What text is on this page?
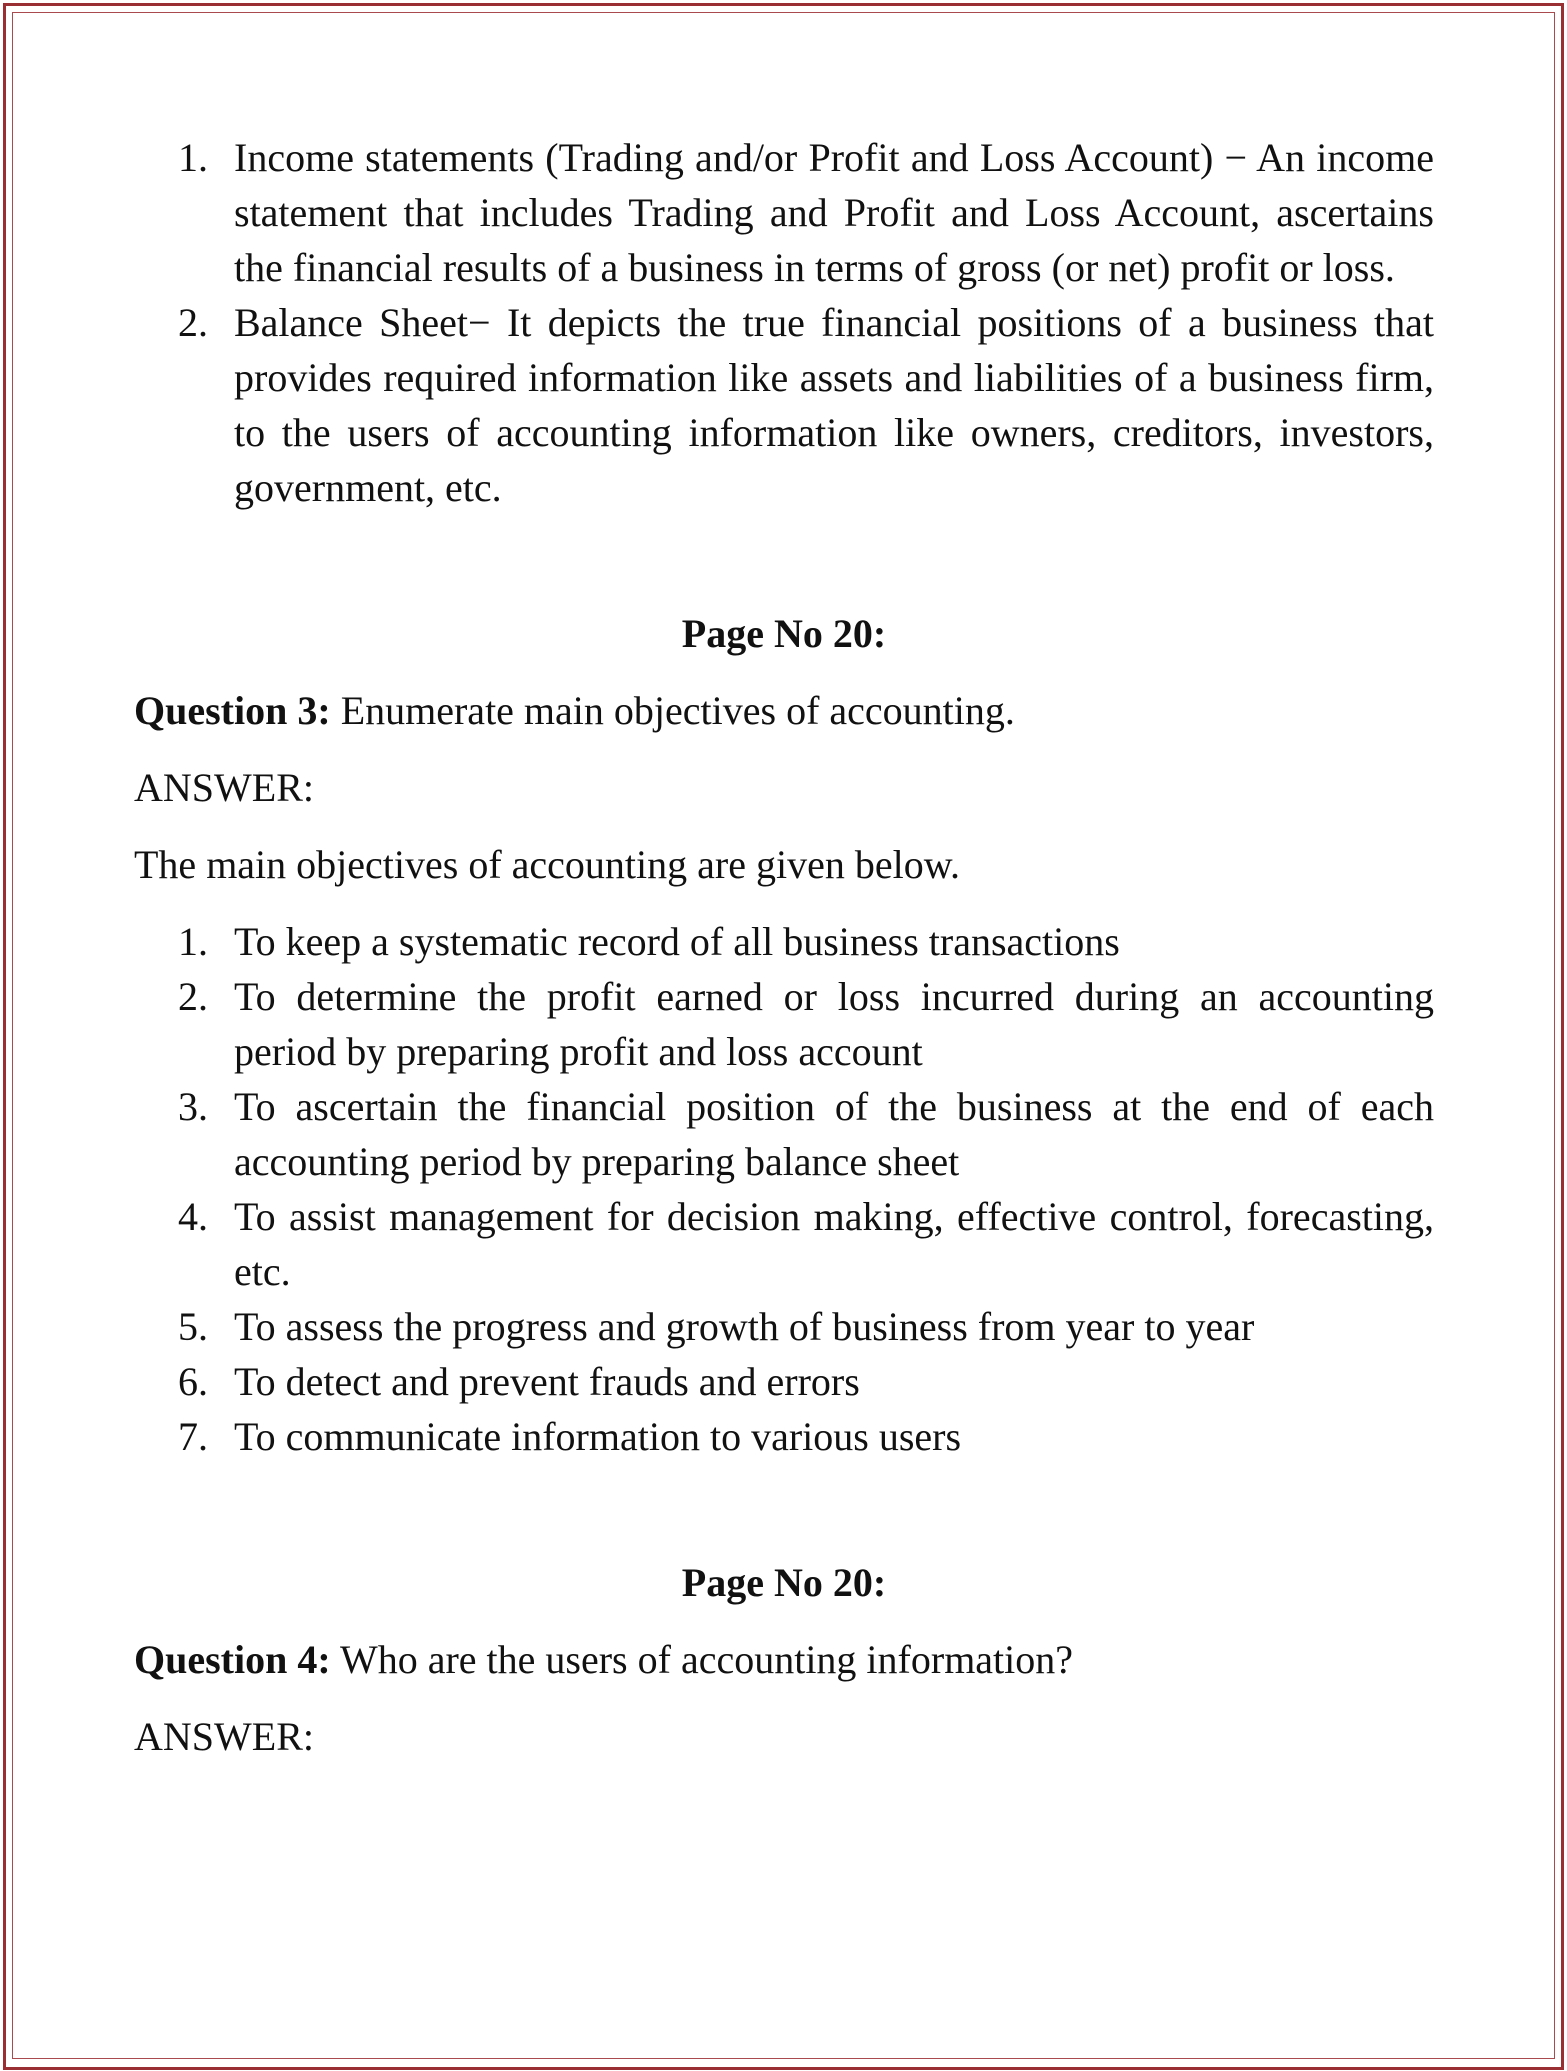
1. Income statements (Trading and/or Profit and Loss Account) − An income statement that includes Trading and Profit and Loss Account, ascertains the financial results of a business in terms of gross (or net) profit or loss.
2. Balance Sheet− It depicts the true financial positions of a business that provides required information like assets and liabilities of a business firm, to the users of accounting information like owners, creditors, investors, government, etc.

Page No 20:

Question 3: Enumerate main objectives of accounting.

ANSWER:

The main objectives of accounting are given below.

1. To keep a systematic record of all business transactions
2. To determine the profit earned or loss incurred during an accounting period by preparing profit and loss account
3. To ascertain the financial position of the business at the end of each accounting period by preparing balance sheet
4. To assist management for decision making, effective control, forecasting, etc.
5. To assess the progress and growth of business from year to year
6. To detect and prevent frauds and errors
7. To communicate information to various users

Page No 20:

Question 4: Who are the users of accounting information?

ANSWER:
